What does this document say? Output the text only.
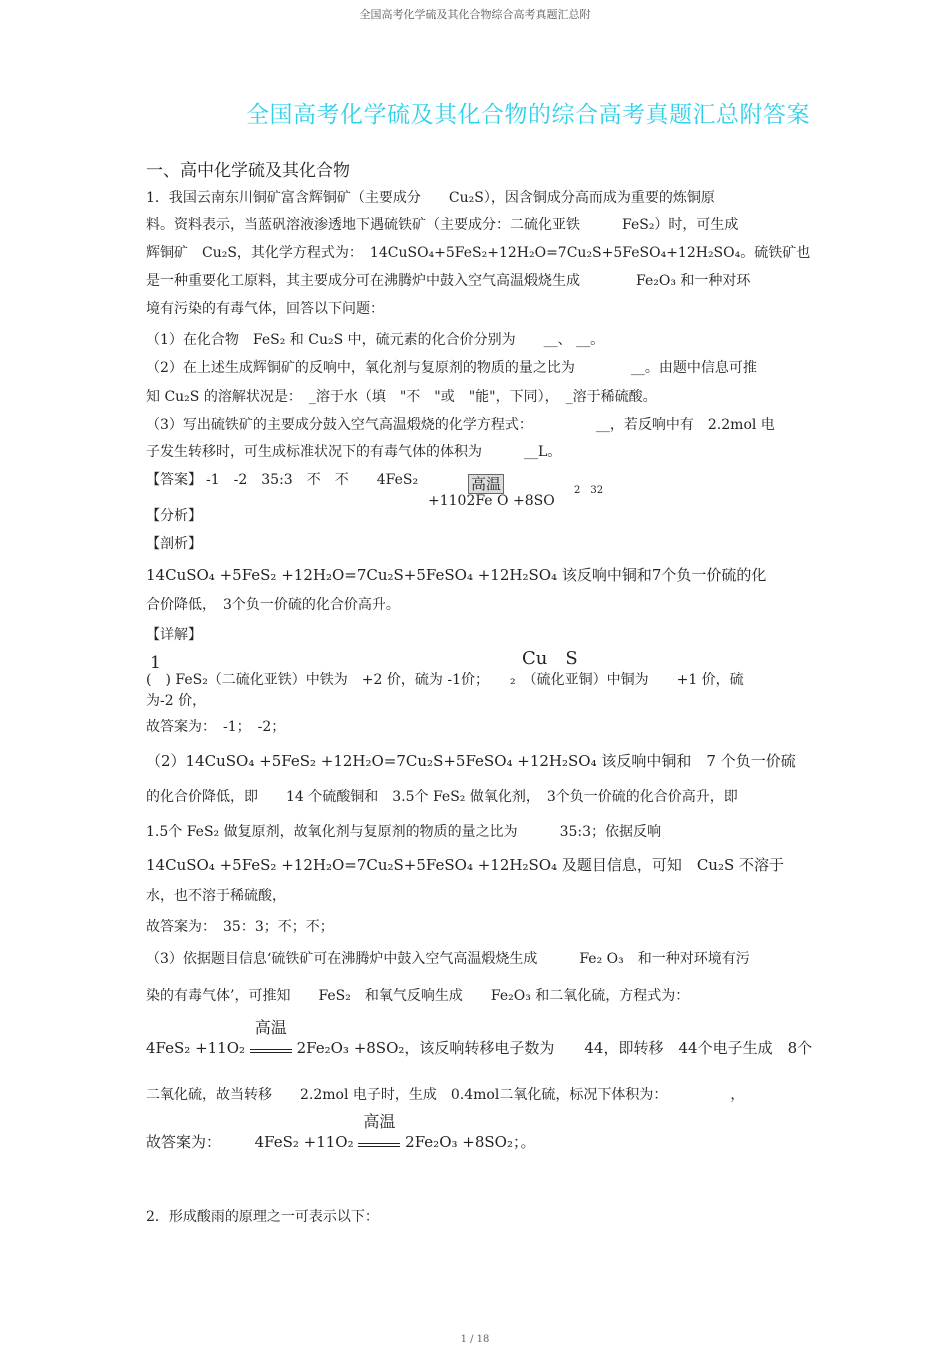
全国高考化学硫及其化合物综合高考真题汇总附
全国高考化学硫及其化合物的综合高考真题汇总附答案
一、高中化学硫及其化合物
1．我国云南东川铜矿富含辉铜矿（主要成分　　Cu₂S），因含铜成分高而成为重要的炼铜原
料。资料表示，当蓝矾溶液渗透地下遇硫铁矿（主要成分：二硫化亚铁　　　FeS₂）时，可生成
辉铜矿　Cu₂S，其化学方程式为：　14CuSO₄+5FeS₂+12H₂O=7Cu₂S+5FeSO₄+12H₂SO₄。硫铁矿也
是一种重要化工原料，其主要成分可在沸腾炉中鼓入空气高温煅烧生成　　　　Fe₂O₃ 和一种对环
境有污染的有毒气体，回答以下问题：
（1）在化合物　FeS₂ 和 Cu₂S 中，硫元素的化合价分别为　　__、 __。
（2）在上述生成辉铜矿的反响中，氧化剂与复原剂的物质的量之比为　　　　__。由题中信息可推
知 Cu₂S 的溶解状况是：　_溶于水（填　"不　"或　"能"，下同），　_溶于稀硫酸。
（3）写出硫铁矿的主要成分鼓入空气高温煅烧的化学方程式：　　　　　__，若反响中有　2.2mol 电
子发生转移时，可生成标准状况下的有毒气体的体积为　　　__L。
【答案】 -1　-2　35:3　不　不　　4FeS₂	高温
+1102Fe O +8SO
2　32
【分析】
【剖析】
14CuSO₄ +5FeS₂ +12H₂O=7Cu₂S+5FeSO₄ +12H₂SO₄ 该反响中铜和7个负一价硫的化
合价降低，　3个负一价硫的化合价高升。
【详解】
1	Cu　S
(　) FeS₂（二硫化亚铁）中铁为　+2 价，硫为 -1价；　　₂　（硫化亚铜）中铜为　　+1 价，硫
为-2 价，
故答案为：　-1；　-2；
（2）14CuSO₄ +5FeS₂ +12H₂O=7Cu₂S+5FeSO₄ +12H₂SO₄ 该反响中铜和　7 个负一价硫
的化合价降低，即　　14 个硫酸铜和　3.5个 FeS₂ 做氧化剂，　3个负一价硫的化合价高升，即
1.5个 FeS₂ 做复原剂，故氧化剂与复原剂的物质的量之比为　　　35:3；依据反响
14CuSO₄ +5FeS₂ +12H₂O=7Cu₂S+5FeSO₄ +12H₂SO₄ 及题目信息，可知　Cu₂S 不溶于
水，也不溶于稀硫酸，
故答案为：　35：3；不；不；
（3）依据题目信息‘硫铁矿可在沸腾炉中鼓入空气高温煅烧生成　　　Fe₂ O₃　和一种对环境有污
染的有毒气体’，可推知　　FeS₂　和氧气反响生成　　Fe₂O₃ 和二氧化硫，方程式为：
4FeS₂ +11O₂
高温
2Fe₂O₃ +8SO₂，该反响转移电子数为　　44，即转移　44个电子生成　8个
二氧化硫，故当转移　　2.2mol 电子时，生成　0.4mol二氧化硫，标况下体积为：　　　　　，
故答案为： 4FeS₂ +11O₂
高温
2Fe₂O₃ +8SO₂；。
2．形成酸雨的原理之一可表示以下：
1 / 18
